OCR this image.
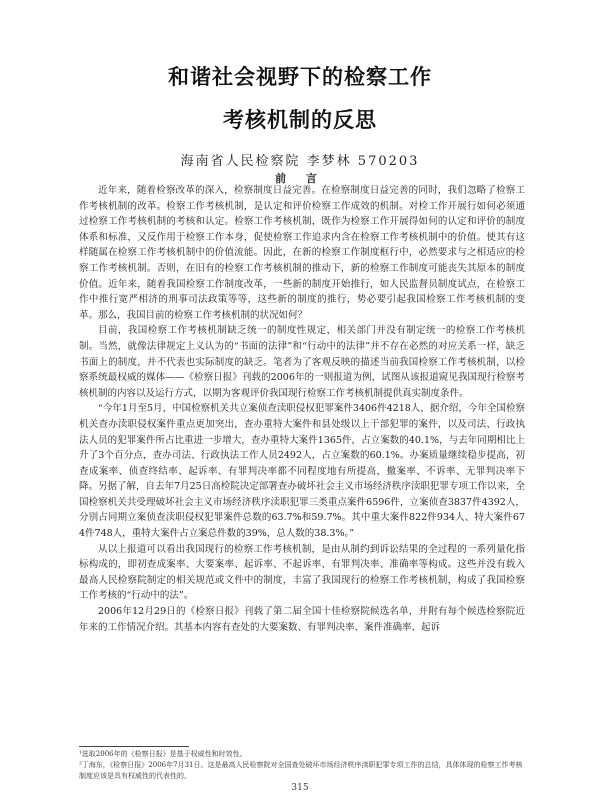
和谐社会视野下的检察工作
考核机制的反思
海南省人民检察院 李梦林 570203
前 言

近年来，随着检察改革的深入，检察制度日益完善。在检察制度日益完善的同时，我们忽略了检察工作考核机制的改革。检察工作考核机制，是认定和评价检察工作成效的机制。对检工作开展行如何必须通过检察工作考核机制的考核和认定。检察工作考核机制，既作为检察工作开展得如何的认定和评价的制度体系和标准，又反作用于检察工作本身，促使检察工作追求内含在检察工作考核机制中的价值。使其有这样随属在检察工作考核机制中的价值流能。因此，在新的检察工作制度框行中，必然要求与之相适应的检察工作考核机制。否则，在旧有的检察工作考核机制的推动下，新的检察工作制度可能丧失其原本的制度价值。近年来，随着我国检察工作制度改革，一些新的制度开始推行，如人民监督员制度试点，在检察工作中推行宽严相济的刑事司法政策等等，这些新的制度的推行，势必要引起我国检察工作考核机制的变革。那么，我国目前的检察工作考核机制的状况如何？

目前，我国检察工作考核机制缺乏统一的制度性规定，相关部门并没有制定统一的检察工作考核机制。当然，就像法律规定上义认为的“书面的法律”和“行动中的法律”并不存在必然的对应关系一样，缺乏书面上的制度，并不代表也实际制度的缺乏。笔者为了客观反映的描述当前我国检察工作考核机制，以检察系统最权威的媒体——《检察日报》刊载的2006年的一则报道为例，试图从该报道窥见我国现行检察考核机制的内容以及运行方式，以期为客观评价我国现行检察工作考核机制提供真实制度条件。

“今年1月至5月，中国检察机关共立案侦查渎职侵权犯罪案件3406件4218人，据介绍，今年全国检察机关查办渎职侵权案件重点更加突出，查办重特大案件和县处级以上干部犯罪的案件，以及司法、行政执法人员的犯罪案件所占比重进一步增大，查办重特大案件1365件，占立案数的40.1%，与去年同期相比上升了3个百分点，查办司法、行政执法工作人员2492人，占立案数的60.1%。办案质量继续稳步提高，初查成案率、侦查终结率、起诉率、有罪判决率都不同程度地有所提高，撤案率、不诉率、无罪判决率下降。另据了解，自去年7月25日高检院决定部署查办破坏社会主义市场经济秩序渎职犯罪专项工作以来，全国检察机关共受理破坏社会主义市场经济秩序渎职犯罪三类重点案件6596件，立案侦查3837件4392人，分别占同期立案侦查渎职侵权犯罪案件总数的63.7%和59.7%。其中重大案件822件934人、特大案件674件748人，重特大案件占立案总件数的39%，总人数的38.3%。”

从以上报道可以看出我国现行的检察工作考核机制，是由从制约到诉讼结果的全过程的一系列量化指标构成的，即初查成案率、大要案率、起诉率、不起诉率、有罪判决率、准确率等构成。这些并没有载入最高人民检察院制定的相关规范或文件中的制度，丰富了我国现行的检察工作考核机制，构成了我国检察工作考核的“行动中的法”。

2006年12月29日的《检察日报》刊载了第二届全国十佳检察院候选名单，并附有每个候选检察院近年来的工作情况介绍。其基本内容有查处的大要案数、有罪判决率、案件准确率、起诉

¹选取2006年的《检察日报》是基于权威性和时效性。
²丁海东，《检察日报》2006年7月31日。这是最高人民检察院对全国查处破坏市场经济秩序渎职犯罪专项工作的总结，具体体现的检察工作考核制度应该是具有权威性的代表性的。
315
